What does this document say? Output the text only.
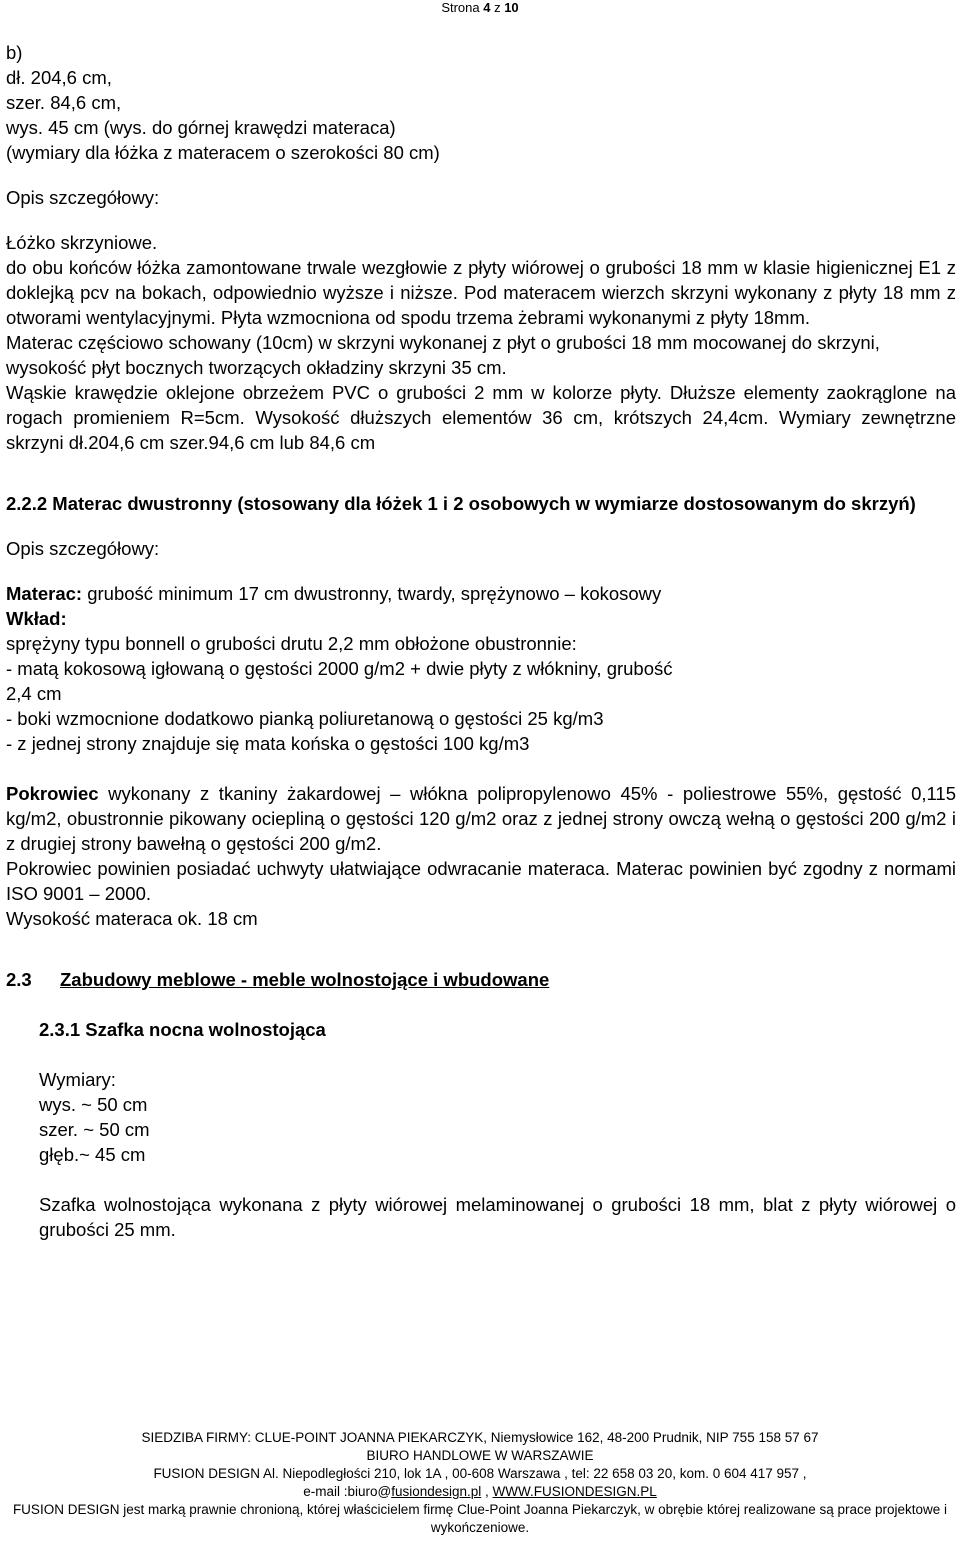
Strona 4 z 10

b)

dł. 204,6 cm,

szer. 84,6 cm,

wys. 45 cm (wys. do górnej krawędzi materaca)

(wymiary dla łóżka z materacem o szerokości 80 cm)

Opis szczegółowy:

Łóżko skrzyniowe.

do obu końców łóżka zamontowane trwale wezgłowie z płyty wiórowej o grubości 18 mm w klasie higienicznej E1 z doklejką pcv na bokach, odpowiednio wyższe i niższe. Pod materacem wierzch skrzyni wykonany z płyty 18 mm z otworami wentylacyjnymi. Płyta wzmocniona od spodu trzema żebrami wykonanymi z płyty 18mm.

Materac częściowo schowany (10cm) w skrzyni wykonanej z płyt o grubości 18 mm mocowanej do skrzyni, wysokość płyt bocznych tworzących okładziny skrzyni 35 cm.

Wąskie krawędzie oklejone obrzeżem PVC o grubości 2 mm w kolorze płyty. Dłuższe elementy zaokrąglone na rogach promieniem R=5cm. Wysokość dłuższych elementów 36 cm, krótszych 24,4cm. Wymiary zewnętrzne skrzyni dł.204,6 cm szer.94,6 cm lub 84,6 cm

2.2.2 Materac dwustronny (stosowany dla łóżek 1 i 2 osobowych w wymiarze dostosowanym do skrzyń)

Opis szczegółowy:

Materac: grubość minimum 17 cm dwustronny, twardy, sprężynowo – kokosowy

Wkład:

sprężyny typu bonnell o grubości drutu 2,2 mm obłożone obustronnie:

- matą kokosową igłowaną o gęstości 2000 g/m2 + dwie płyty z włókniny, grubość

2,4 cm

- boki wzmocnione dodatkowo pianką poliuretanową o gęstości 25 kg/m3

- z jednej strony znajduje się mata końska o gęstości 100 kg/m3

Pokrowiec wykonany z tkaniny żakardowej – włókna polipropylenowo 45% - poliestrowe 55%, gęstość 0,115 kg/m2, obustronnie pikowany ociepliną o gęstości 120 g/m2 oraz z jednej strony owczą wełną o gęstości 200 g/m2 i z drugiej strony bawełną o gęstości 200 g/m2.

Pokrowiec powinien posiadać uchwyty ułatwiające odwracanie materaca. Materac powinien być zgodny z normami ISO 9001 – 2000.

Wysokość materaca ok. 18 cm

2.3 Zabudowy meblowe - meble wolnostojące i wbudowane

2.3.1 Szafka nocna wolnostojąca

Wymiary:

wys. ~ 50 cm

szer. ~ 50 cm

głęb.~ 45 cm

Szafka wolnostojąca wykonana z płyty wiórowej melaminowanej o grubości 18 mm, blat z płyty wiórowej o grubości 25 mm.

SIEDZIBA FIRMY: CLUE-POINT JOANNA PIEKARCZYK, Niemysłowice 162, 48-200 Prudnik, NIP 755 158 57 67

BIURO HANDLOWE W WARSZAWIE

FUSION DESIGN Al. Niepodległości 210, lok 1A , 00-608 Warszawa , tel: 22 658 03 20, kom. 0 604 417 957 ,

e-mail :biuro@fusiondesign.pl , WWW.FUSIONDESIGN.PL

FUSION DESIGN jest marką prawnie chronioną, której właścicielem firmę Clue-Point Joanna Piekarczyk, w obrębie której realizowane są prace projektowe i wykończeniowe.
